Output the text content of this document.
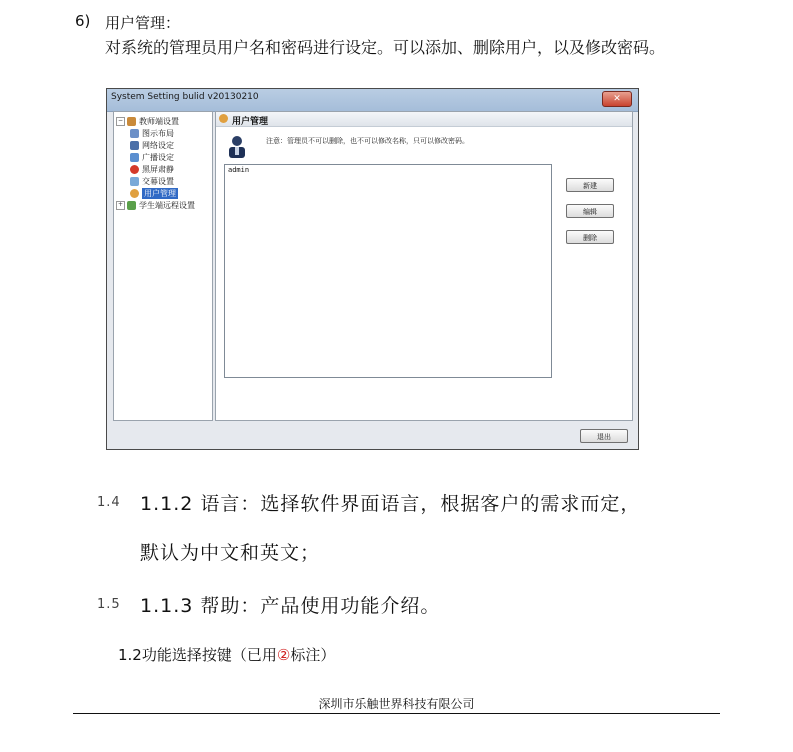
6) 用户管理：
对系统的管理员用户名和密码进行设定。可以添加、删除用户，以及修改密码。
System Setting bulid v20130210	✕
− 教师端设置
图示布局
网络设定
广播设定
黑屏肃静
交幕设置
用户管理
+ 学生端远程设置
用户管理
注意：管理员不可以删除，也不可以修改名称，只可以修改密码。
admin
新建
编辑
删除
退出
1.4 1.1.2 语言：选择软件界面语言，根据客户的需求而定，
默认为中文和英文；
1.5 1.1.3 帮助：产品使用功能介绍。
1.2功能选择按键（已用②标注）
深圳市乐触世界科技有限公司
